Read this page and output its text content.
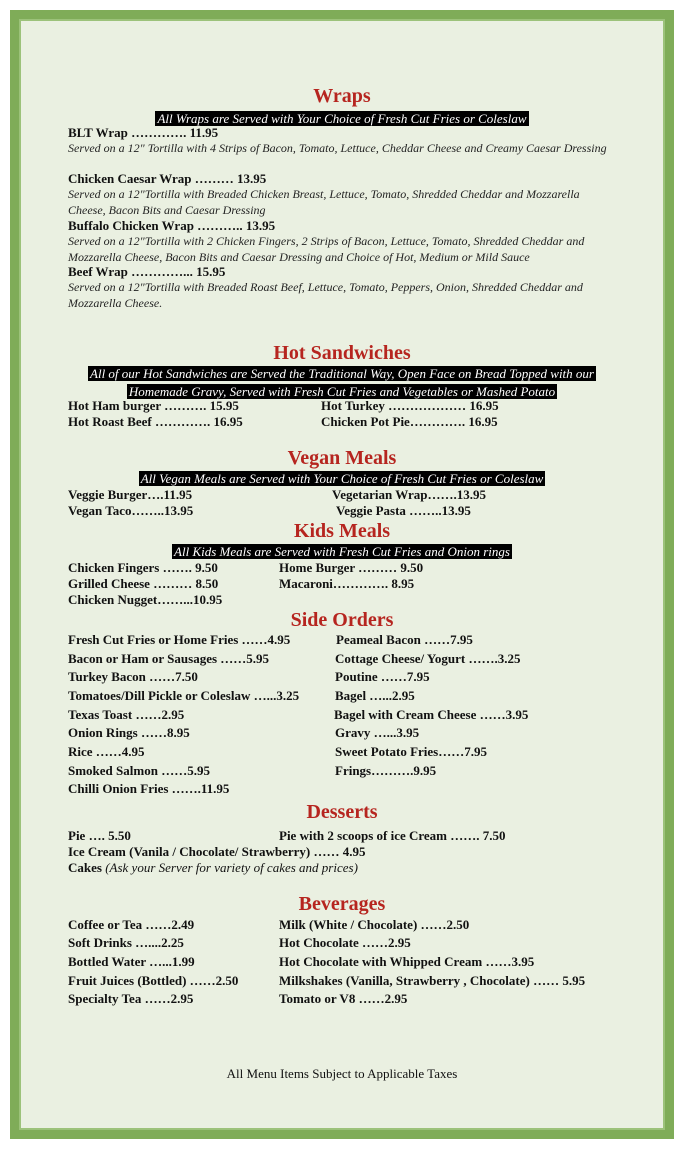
Wraps
All Wraps are Served with Your Choice of Fresh Cut Fries or Coleslaw
BLT Wrap …………. 11.95
Served on a 12" Tortilla with 4 Strips of Bacon, Tomato, Lettuce, Cheddar Cheese and Creamy Caesar Dressing
Chicken Caesar Wrap ……… 13.95
Served on a 12"Tortilla with Breaded Chicken Breast, Lettuce, Tomato, Shredded Cheddar and Mozzarella Cheese, Bacon Bits and Caesar Dressing
Buffalo Chicken Wrap ……….. 13.95
Served on a 12"Tortilla with 2 Chicken Fingers, 2 Strips of Bacon, Lettuce, Tomato, Shredded Cheddar and Mozzarella Cheese, Bacon Bits and Caesar Dressing and Choice of Hot, Medium or Mild Sauce
Beef Wrap …………... 15.95
Served on a 12"Tortilla with Breaded Roast Beef, Lettuce, Tomato, Peppers, Onion, Shredded Cheddar and Mozzarella Cheese.
Hot Sandwiches
All of our Hot Sandwiches are Served the Traditional Way, Open Face on Bread Topped with our Homemade Gravy, Served with Fresh Cut Fries and Vegetables or Mashed Potato
Hot Ham burger ………. 15.95
Hot Roast Beef …………. 16.95
Hot Turkey ……………… 16.95
Chicken Pot Pie…………. 16.95
Vegan Meals
All Vegan Meals are Served with Your Choice of Fresh Cut Fries or Coleslaw
Veggie Burger….11.95
Vegan Taco……..13.95
Vegetarian Wrap…….13.95
Veggie Pasta ……..13.95
Kids Meals
All Kids Meals are Served with Fresh Cut Fries and Onion rings
Chicken Fingers ……. 9.50
Grilled Cheese ……… 8.50
Chicken Nugget……...10.95
Home Burger ……… 9.50
Macaroni…………. 8.95
Side Orders
Fresh Cut Fries or Home Fries ……4.95
Bacon or Ham or Sausages ……5.95
Turkey Bacon ……7.50
Tomatoes/Dill Pickle or Coleslaw …...3.25
Texas Toast ……2.95
Onion Rings ……8.95
Rice ……4.95
Smoked Salmon ……5.95
Chilli Onion Fries …….11.95
Peameal Bacon ……7.95
Cottage Cheese/ Yogurt …….3.25
Poutine ……7.95
Bagel …...2.95
Bagel with Cream Cheese ……3.95
Gravy …...3.95
Sweet Potato Fries……7.95
Frings……….9.95
Desserts
Pie …. 5.50	Pie with 2 scoops of ice Cream ……. 7.50
Ice Cream (Vanila / Chocolate/ Strawberry) …… 4.95
Cakes (Ask your Server for variety of cakes and prices)
Beverages
Coffee or Tea ……2.49
Soft Drinks …....2.25
Bottled Water …...1.99
Fruit Juices (Bottled) ……2.50
Specialty Tea ……2.95
Milk (White / Chocolate) ……2.50
Hot Chocolate ……2.95
Hot Chocolate with Whipped Cream ……3.95
Milkshakes (Vanilla, Strawberry , Chocolate) …… 5.95
Tomato or V8 ……2.95
All Menu Items Subject to Applicable Taxes
